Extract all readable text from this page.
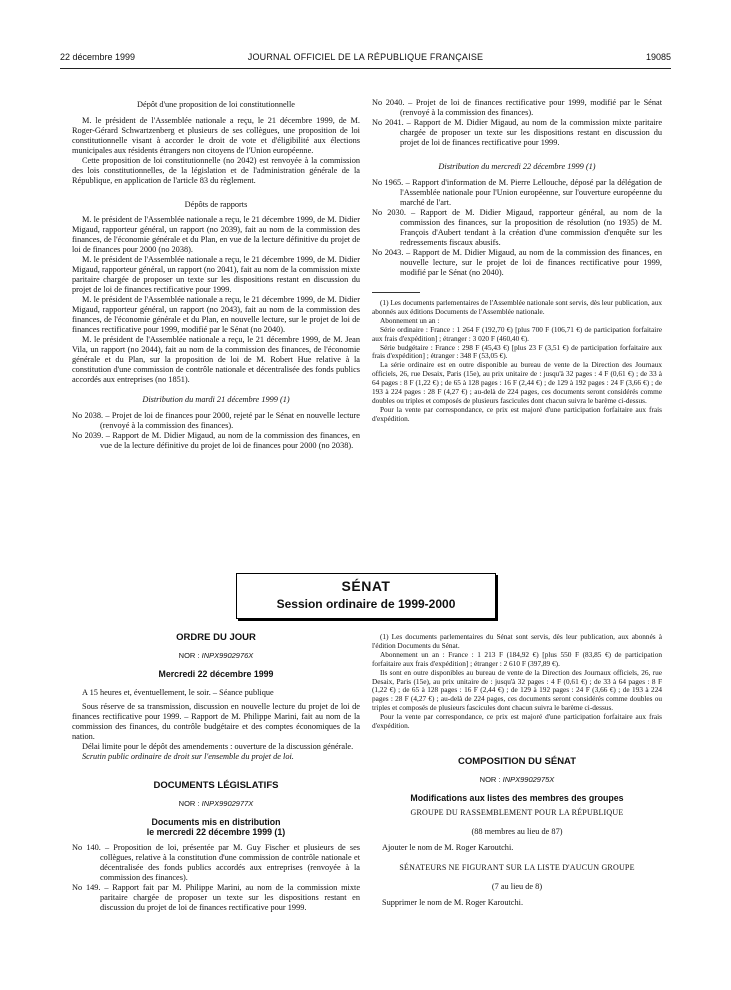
22 décembre 1999	JOURNAL OFFICIEL DE LA RÉPUBLIQUE FRANÇAISE	19085

Dépôt d'une proposition de loi constitutionnelle

M. le président de l'Assemblée nationale a reçu, le 21 décembre 1999, de M. Roger-Gérard Schwartzenberg et plusieurs de ses collègues, une proposition de loi constitutionnelle visant à accorder le droit de vote et d'éligibilité aux élections municipales aux résidents étrangers non citoyens de l'Union européenne.

Cette proposition de loi constitutionnelle (no 2042) est renvoyée à la commission des lois constitutionnelles, de la législation et de l'administration générale de la République, en application de l'article 83 du règlement.

Dépôts de rapports

M. le président de l'Assemblée nationale a reçu, le 21 décembre 1999, de M. Didier Migaud, rapporteur général, un rapport (no 2039), fait au nom de la commission des finances, de l'économie générale et du Plan, en vue de la lecture définitive du projet de loi de finances pour 2000 (no 2038).

M. le président de l'Assemblée nationale a reçu, le 21 décembre 1999, de M. Didier Migaud, rapporteur général, un rapport (no 2041), fait au nom de la commission mixte paritaire chargée de proposer un texte sur les dispositions restant en discussion du projet de loi de finances rectificative pour 1999.

M. le président de l'Assemblée nationale a reçu, le 21 décembre 1999, de M. Didier Migaud, rapporteur général, un rapport (no 2043), fait au nom de la commission des finances, de l'économie générale et du Plan, en nouvelle lecture, sur le projet de loi de finances rectificative pour 1999, modifié par le Sénat (no 2040).

M. le président de l'Assemblée nationale a reçu, le 21 décembre 1999, de M. Jean Vila, un rapport (no 2044), fait au nom de la commission des finances, de l'économie générale et du Plan, sur la proposition de loi de M. Robert Hue relative à la constitution d'une commission de contrôle nationale et décentralisée des fonds publics accordés aux entreprises (no 1851).

Distribution du mardi 21 décembre 1999 (1)

No 2038. – Projet de loi de finances pour 2000, rejeté par le Sénat en nouvelle lecture (renvoyé à la commission des finances).

No 2039. – Rapport de M. Didier Migaud, au nom de la commission des finances, en vue de la lecture définitive du projet de loi de finances pour 2000 (no 2038).

No 2040. – Projet de loi de finances rectificative pour 1999, modifié par le Sénat (renvoyé à la commission des finances).

No 2041. – Rapport de M. Didier Migaud, au nom de la commission mixte paritaire chargée de proposer un texte sur les dispositions restant en discussion du projet de loi de finances rectificative pour 1999.

Distribution du mercredi 22 décembre 1999 (1)

No 1965. – Rapport d'information de M. Pierre Lellouche, déposé par la délégation de l'Assemblée nationale pour l'Union européenne, sur l'ouverture européenne du marché de l'art.

No 2030. – Rapport de M. Didier Migaud, rapporteur général, au nom de la commission des finances, sur la proposition de résolution (no 1935) de M. François d'Aubert tendant à la création d'une commission d'enquête sur les redressements fiscaux abusifs.

No 2043. – Rapport de M. Didier Migaud, au nom de la commission des finances, en nouvelle lecture, sur le projet de loi de finances rectificative pour 1999, modifié par le Sénat (no 2040).

(1) Les documents parlementaires de l'Assemblée nationale sont servis, dès leur publication, aux abonnés aux éditions Documents de l'Assemblée nationale.

Abonnement un an :

Série ordinaire : France : 1 264 F (192,70 €) [plus 700 F (106,71 €) de participation forfaitaire aux frais d'expédition] ; étranger : 3 020 F (460,40 €).

Série budgétaire : France : 298 F (45,43 €) [plus 23 F (3,51 €) de participation forfaitaire aux frais d'expédition] ; étranger : 348 F (53,05 €).

La série ordinaire est en outre disponible au bureau de vente de la Direction des Journaux officiels, 26, rue Desaix, Paris (15e), au prix unitaire de : jusqu'à 32 pages : 4 F (0,61 €) ; de 33 à 64 pages : 8 F (1,22 €) ; de 65 à 128 pages : 16 F (2,44 €) ; de 129 à 192 pages : 24 F (3,66 €) ; de 193 à 224 pages : 28 F (4,27 €) ; au-delà de 224 pages, ces documents seront considérés comme doubles ou triples et composés de plusieurs fascicules dont chacun suivra le barème ci-dessus.

Pour la vente par correspondance, ce prix est majoré d'une participation forfaitaire aux frais d'expédition.

SÉNAT
Session ordinaire de 1999-2000

ORDRE DU JOUR

NOR : INPX9902976X

Mercredi 22 décembre 1999

A 15 heures et, éventuellement, le soir. – Séance publique

Sous réserve de sa transmission, discussion en nouvelle lecture du projet de loi de finances rectificative pour 1999. – Rapport de M. Philippe Marini, fait au nom de la commission des finances, du contrôle budgétaire et des comptes économiques de la nation.

Délai limite pour le dépôt des amendements : ouverture de la discussion générale.

Scrutin public ordinaire de droit sur l'ensemble du projet de loi.

DOCUMENTS LÉGISLATIFS

NOR : INPX9902977X

Documents mis en distribution

le mercredi 22 décembre 1999 (1)

No 140. – Proposition de loi, présentée par M. Guy Fischer et plusieurs de ses collègues, relative à la constitution d'une commission de contrôle nationale et décentralisée des fonds publics accordés aux entreprises (renvoyée à la commission des finances).

No 149. – Rapport fait par M. Philippe Marini, au nom de la commission mixte paritaire chargée de proposer un texte sur les dispositions restant en discussion du projet de loi de finances rectificative pour 1999.

(1) Les documents parlementaires du Sénat sont servis, dès leur publication, aux abonnés à l'édition Documents du Sénat.

Abonnement un an : France : 1 213 F (184,92 €) [plus 550 F (83,85 €) de participation forfaitaire aux frais d'expédition] ; étranger : 2 610 F (397,89 €).

Ils sont en outre disponibles au bureau de vente de la Direction des Journaux officiels, 26, rue Desaix, Paris (15e), au prix unitaire de : jusqu'à 32 pages : 4 F (0,61 €) ; de 33 à 64 pages : 8 F (1,22 €) ; de 65 à 128 pages : 16 F (2,44 €) ; de 129 à 192 pages : 24 F (3,66 €) ; de 193 à 224 pages : 28 F (4,27 €) ; au-delà de 224 pages, ces documents seront considérés comme doubles ou triples et composés de plusieurs fascicules dont chacun suivra le barème ci-dessus.

Pour la vente par correspondance, ce prix est majoré d'une participation forfaitaire aux frais d'expédition.

COMPOSITION DU SÉNAT

NOR : INPX9902975X

Modifications aux listes des membres des groupes

GROUPE DU RASSEMBLEMENT POUR LA RÉPUBLIQUE

(88 membres au lieu de 87)

Ajouter le nom de M. Roger Karoutchi.

SÉNATEURS NE FIGURANT SUR LA LISTE D'AUCUN GROUPE

(7 au lieu de 8)

Supprimer le nom de M. Roger Karoutchi.
